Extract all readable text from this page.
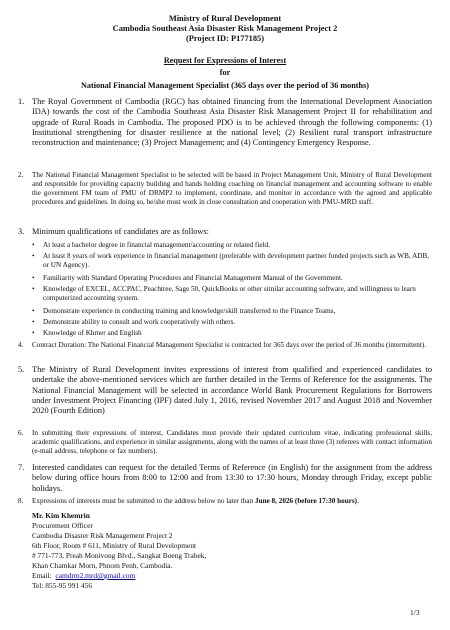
Ministry of Rural Development
Cambodia Southeast Asia Disaster Risk Management Project 2
(Project ID: P177185)
Request for Expressions of Interest
for
National Financial Management Specialist (365 days over the period of 36 months)
1. The Royal Government of Cambodia (RGC) has obtained financing from the International Development Association IDA) towards the cost of the Cambodia Southeast Asia Disaster Risk Management Project II for rehabilitation and upgrade of Rural Roads in Cambodia. The proposed PDO is to be achieved through the following components: (1) Institutional strengthening for disaster resilience at the national level; (2) Resilient rural transport infrastructure reconstruction and maintenance; (3) Project Management; and (4) Contingency Emergency Response.
2.	The National Financial Management Specialist to be selected will be based in Project Management Unit, Ministry of Rural Development and responsible for providing capacity building and hands holding coaching on financial management and accounting software to enable the government FM team of PMU of DRMP2 to implement, coordinate, and monitor in accordance with the agreed and applicable procedures and guidelines. In doing so, he/she must work in close consultation and cooperation with PMU-MRD staff.
3. Minimum qualifications of candidates are as follows:
•	At least a bachelor degree in financial management/accounting or related field.
•	At least 8 years of work experience in financial management (preferable with development partner funded projects such as WB, ADB, or UN Agency).
•	Familiarity with Standard Operating Procedures and Financial Management Manual of the Government.
•	Knowledge of EXCEL, ACCPAC, Peachtree, Sage 50, QuickBooks or other similar accounting software, and willingness to learn computerized accounting system.
•	Demonstrate experience in conducting training and knowledge/skill transferred to the Finance Teams,
•	Demonstrate ability to consult and work cooperatively with others.
•	Knowledge of Khmer and English
4.	Contract Duration: The National Financial Management Specialist is contracted for 365 days over the period of 36 months (intermittent).
5. The Ministry of Rural Development invites expressions of interest from qualified and experienced candidates to undertake the above-mentioned services which are further detailed in the Terms of Reference for the assignments. The National Financial Management will be selected in accordance World Bank Procurement Regulations for Borrowers under Investment Project Financing (IPF) dated July 1, 2016, revised November 2017 and August 2018 and November 2020 (Fourth Edition)
6.	In submitting their expressions of interest, Candidates must provide their updated curriculum vitae, indicating professional skills, academic qualifications, and experience in similar assignments, along with the names of at least three (3) referees with contact information (e-mail address, telephone or fax numbers).
7. Interested candidates can request for the detailed Terms of Reference (in English) for the assignment from the address below during office hours from 8:00 to 12:00 and from 13:30 to 17:30 hours, Monday through Friday, except public holidays.
8.	Expressions of interests must be submitted to the address below no later than June 8, 2026 (before 17:30 hours).
Mr. Kim Khemrin
Procurement Officer
Cambodia Disaster Risk Management Project 2
6th Floor, Room # 611, Ministry of Rural Development
# 771-773, Preah Monivong Blvd., Sangkat Boeng Trabek,
Khan Chamkar Morn, Phnom Penh, Cambodia.
Email: camdrm2.mrd@gmail.com
Tel: 855-95 991 456
1/3
